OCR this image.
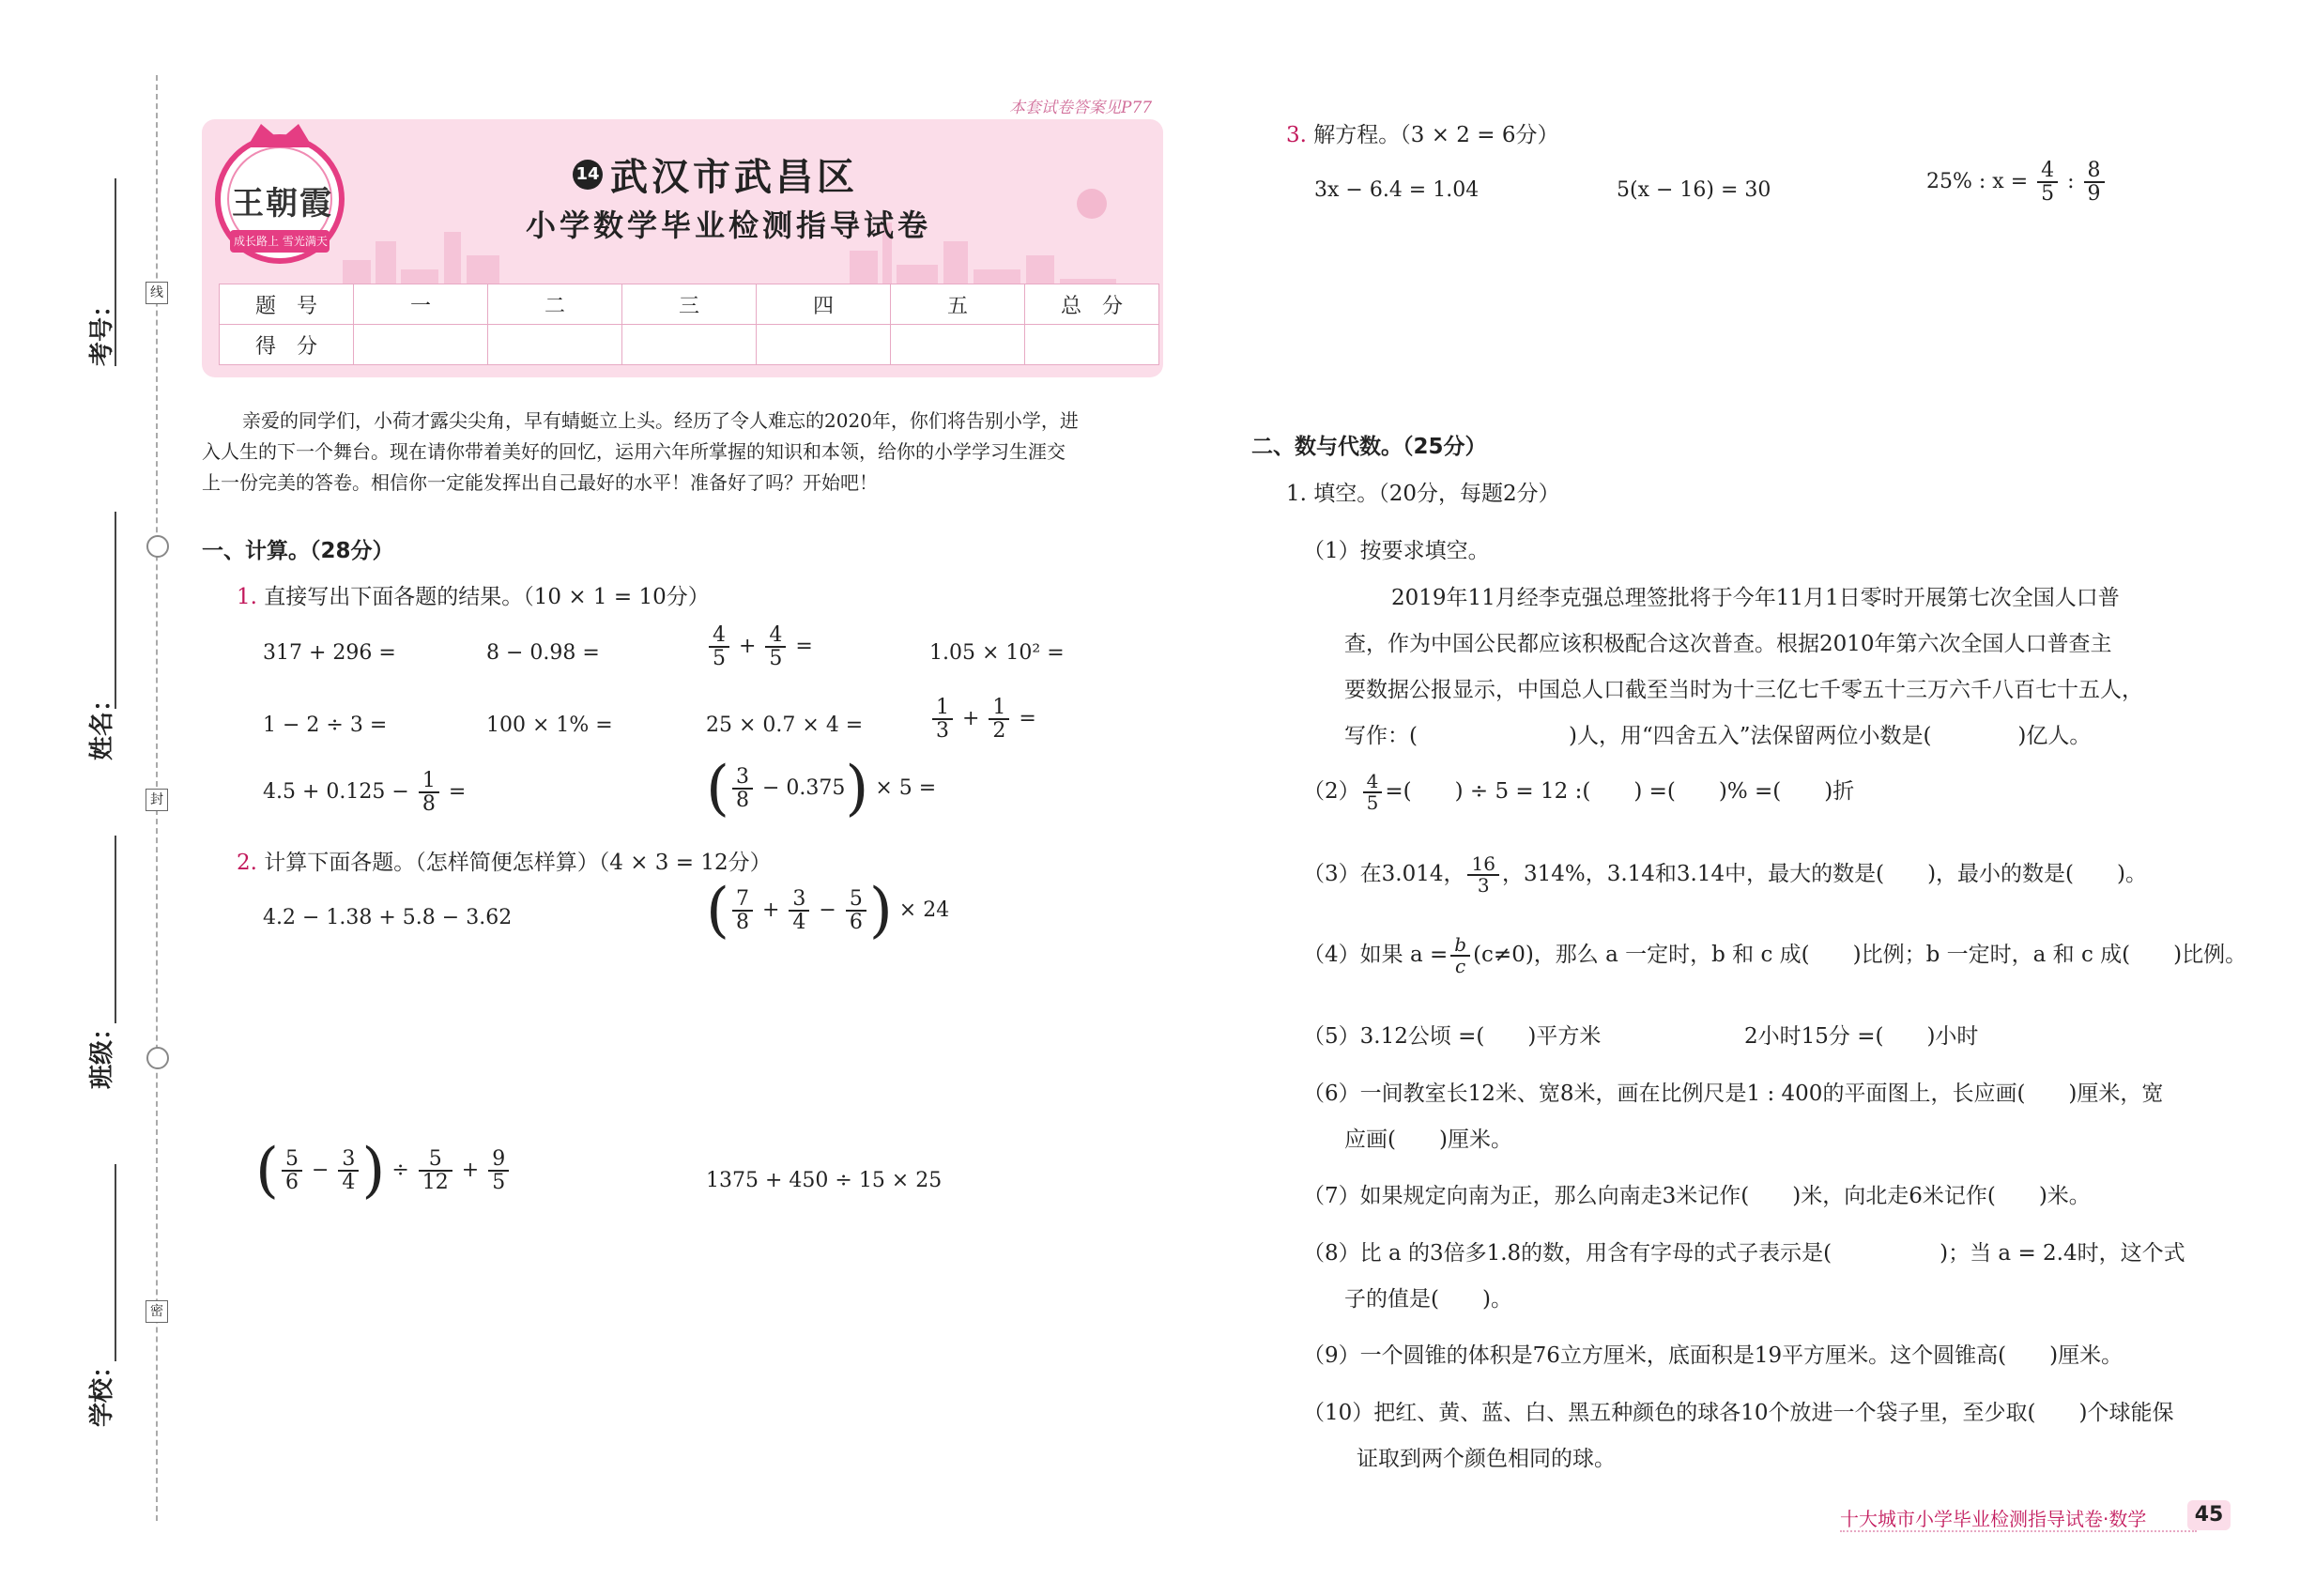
考号：
姓名：
班级：
学校：
线
封
密
本套试卷答案见P77
王朝霞
成长路上 雪光满天
14 武汉市武昌区
小学数学毕业检测指导试卷
题　号	一	二	三	四	五	总　分
得　分						
亲爱的同学们，小荷才露尖尖角，早有蜻蜓立上头。经历了令人难忘的2020年，你们将告别小学，进
入人生的下一个舞台。现在请你带着美好的回忆，运用六年所掌握的知识和本领，给你的小学学习生涯交
上一份完美的答卷。相信你一定能发挥出自己最好的水平！准备好了吗？开始吧！
一、计算。（28分）
1. 直接写出下面各题的结果。（10 × 1 = 10分）
317 + 296 =	8 − 0.98 =	$\frac{4}{5} + \frac{4}{5}$ =	1.05 × 10² =
1 − 2 ÷ 3 =	100 × 1% =	25 × 0.7 × 4 =	$\frac{1}{3} + \frac{1}{2}$ =
$4.5 + 0.125 - \frac{1}{8}$ =	( $\frac{3}{8} - 0.375) \times 5$ =
2. 计算下面各题。（怎样简便怎样算）（4 × 3 = 12分）
4.2 − 1.38 + 5.8 − 3.62	( $\frac{7}{8} + \frac{3}{4} - \frac{5}{6}$ ) × 24
( $\frac{5}{6} - \frac{3}{4}$ ) ÷ $\frac{5}{12} + \frac{9}{5}$	1375 + 450 ÷ 15 × 25
3. 解方程。（3 × 2 = 6分）
3x − 6.4 = 1.04	5(x − 16) = 30	25% : $x = \frac{4}{5}$ : $\frac{8}{9}$
二、数与代数。（25分）
1. 填空。（20分，每题2分）
（1）按要求填空。
2019年11月经李克强总理签批将于今年11月1日零时开展第七次全国人口普
查，作为中国公民都应该积极配合这次普查。根据2010年第六次全国人口普查主
要数据公报显示，中国总人口截至当时为十三亿七千零五十三万六千八百七十五人，
写作：(　　　　　　　)人，用“四舍五入”法保留两位小数是(　　　　)亿人。
$(2) \frac{4}{5}$ =(　　) ÷ 5 = 12 :(　　) =(　　)% =(　　)折
（3）在3.014， $\frac{16}{3}$ ，314%，3.14和3.14中，最大的数是(　　)，最小的数是(　　)。
（4）如果 $a = \frac{b}{c} (c\ne 0)$，那么 a 一定时，b 和 c 成(　　)比例；b 一定时，a 和 c 成(　　)比例。
（5）3.12公顷 =(　　)平方米	2小时15分 =(　　)小时
（6）一间教室长12米、宽8米，画在比例尺是1 : 400的平面图上，长应画(　　)厘米，宽
应画(　　)厘米。
（7）如果规定向南为正，那么向南走3米记作(　　)米，向北走6米记作(　　)米。
（8）比 a 的3倍多1.8的数，用含有字母的式子表示是(　　　　　)；当 a = 2.4时，这个式
子的值是(　　)。
（9）一个圆锥的体积是76立方厘米，底面积是19平方厘米。这个圆锥高(　　)厘米。
（10）把红、黄、蓝、白、黑五种颜色的球各10个放进一个袋子里，至少取(　　)个球能保
证取到两个颜色相同的球。
十大城市小学毕业检测指导试卷·数学	45
